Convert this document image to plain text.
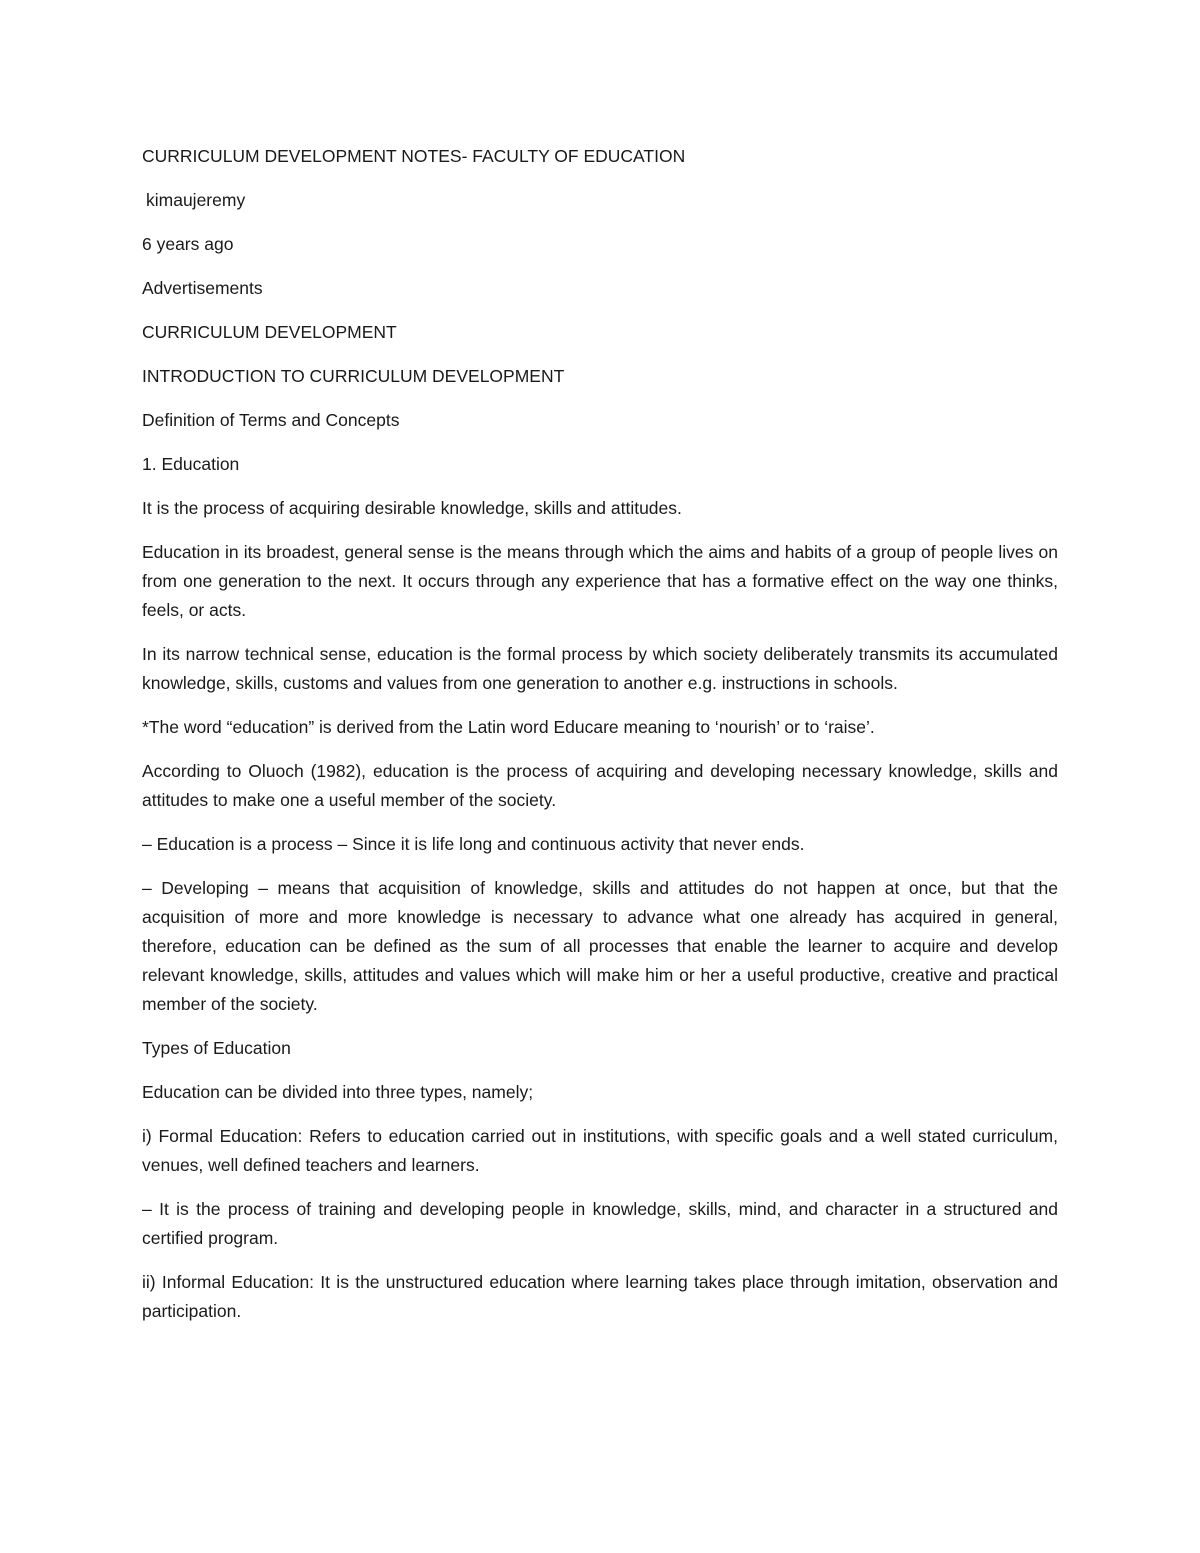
CURRICULUM DEVELOPMENT NOTES- FACULTY OF EDUCATION

kimaujeremy

6 years ago

Advertisements

CURRICULUM DEVELOPMENT

INTRODUCTION TO CURRICULUM DEVELOPMENT

Definition of Terms and Concepts

1. Education

It is the process of acquiring desirable knowledge, skills and attitudes.

Education in its broadest, general sense is the means through which the aims and habits of a group of people lives on from one generation to the next. It occurs through any experience that has a formative effect on the way one thinks, feels, or acts.

In its narrow technical sense, education is the formal process by which society deliberately transmits its accumulated knowledge, skills, customs and values from one generation to another e.g. instructions in schools.

*The word “education” is derived from the Latin word Educare meaning to ‘nourish’ or to ‘raise’.

According to Oluoch (1982), education is the process of acquiring and developing necessary knowledge, skills and attitudes to make one a useful member of the society.

– Education is a process – Since it is life long and continuous activity that never ends.

– Developing – means that acquisition of knowledge, skills and attitudes do not happen at once, but that the acquisition of more and more knowledge is necessary to advance what one already has acquired in general, therefore, education can be defined as the sum of all processes that enable the learner to acquire and develop relevant knowledge, skills, attitudes and values which will make him or her a useful productive, creative and practical member of the society.

Types of Education

Education can be divided into three types, namely;

i) Formal Education: Refers to education carried out in institutions, with specific goals and a well stated curriculum, venues, well defined teachers and learners.

– It is the process of training and developing people in knowledge, skills, mind, and character in a structured and certified program.

ii) Informal Education: It is the unstructured education where learning takes place through imitation, observation and participation.
